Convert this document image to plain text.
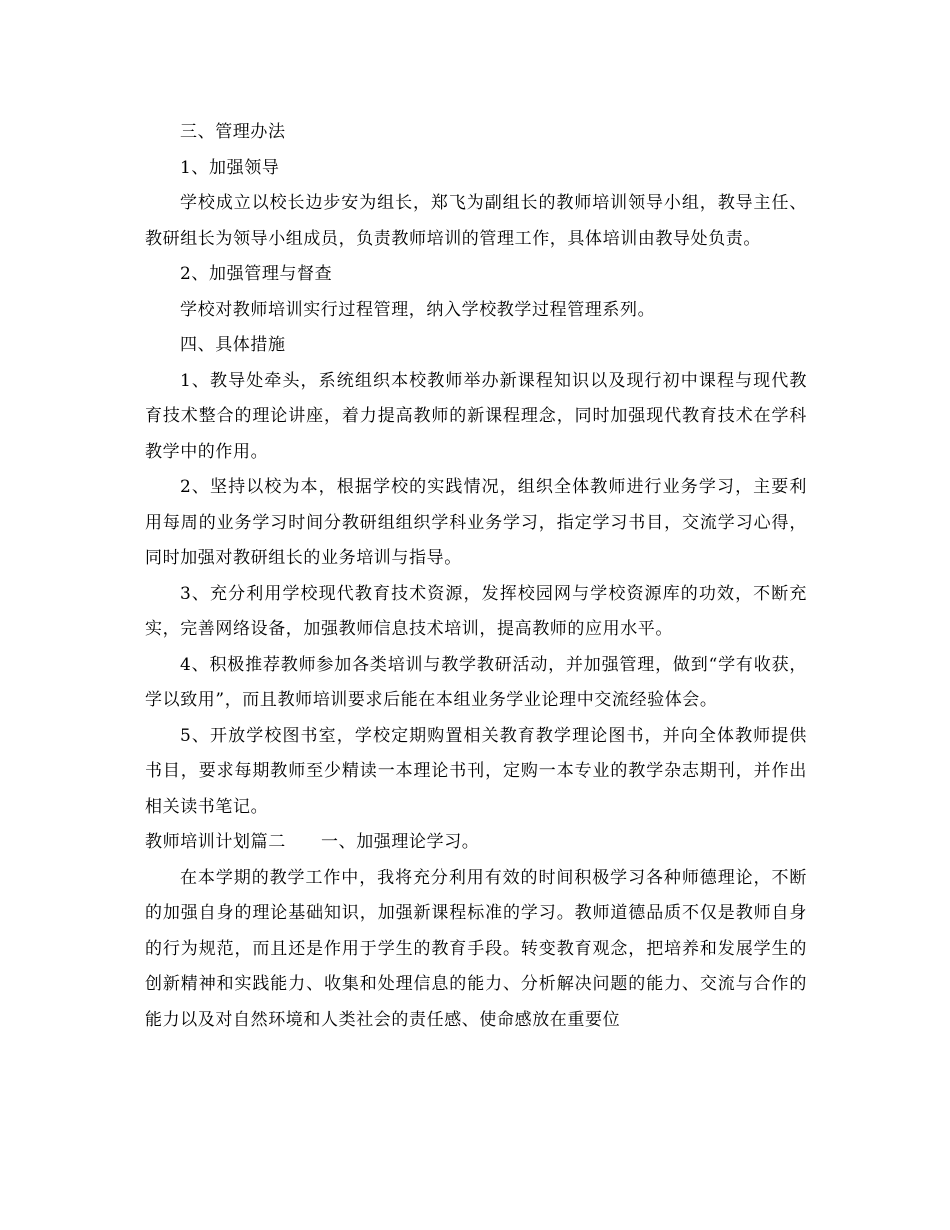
三、管理办法

1、加强领导

学校成立以校长边步安为组长，郑飞为副组长的教师培训领导小组，教导主任、教研组长为领导小组成员，负责教师培训的管理工作，具体培训由教导处负责。

2、加强管理与督查

学校对教师培训实行过程管理，纳入学校教学过程管理系列。

四、具体措施

1、教导处牵头，系统组织本校教师举办新课程知识以及现行初中课程与现代教育技术整合的理论讲座，着力提高教师的新课程理念，同时加强现代教育技术在学科教学中的作用。

2、坚持以校为本，根据学校的实践情况，组织全体教师进行业务学习，主要利用每周的业务学习时间分教研组组织学科业务学习，指定学习书目，交流学习心得，同时加强对教研组长的业务培训与指导。

3、充分利用学校现代教育技术资源，发挥校园网与学校资源库的功效，不断充实，完善网络设备，加强教师信息技术培训，提高教师的应用水平。

4、积极推荐教师参加各类培训与教学教研活动，并加强管理，做到“学有收获，学以致用”，而且教师培训要求后能在本组业务学业论理中交流经验体会。

5、开放学校图书室，学校定期购置相关教育教学理论图书，并向全体教师提供书目，要求每期教师至少精读一本理论书刊，定购一本专业的教学杂志期刊，并作出相关读书笔记。

教师培训计划篇二　　一、加强理论学习。

在本学期的教学工作中，我将充分利用有效的时间积极学习各种师德理论，不断的加强自身的理论基础知识，加强新课程标准的学习。教师道德品质不仅是教师自身的行为规范，而且还是作用于学生的教育手段。转变教育观念，把培养和发展学生的创新精神和实践能力、收集和处理信息的能力、分析解决问题的能力、交流与合作的能力以及对自然环境和人类社会的责任感、使命感放在重要位
